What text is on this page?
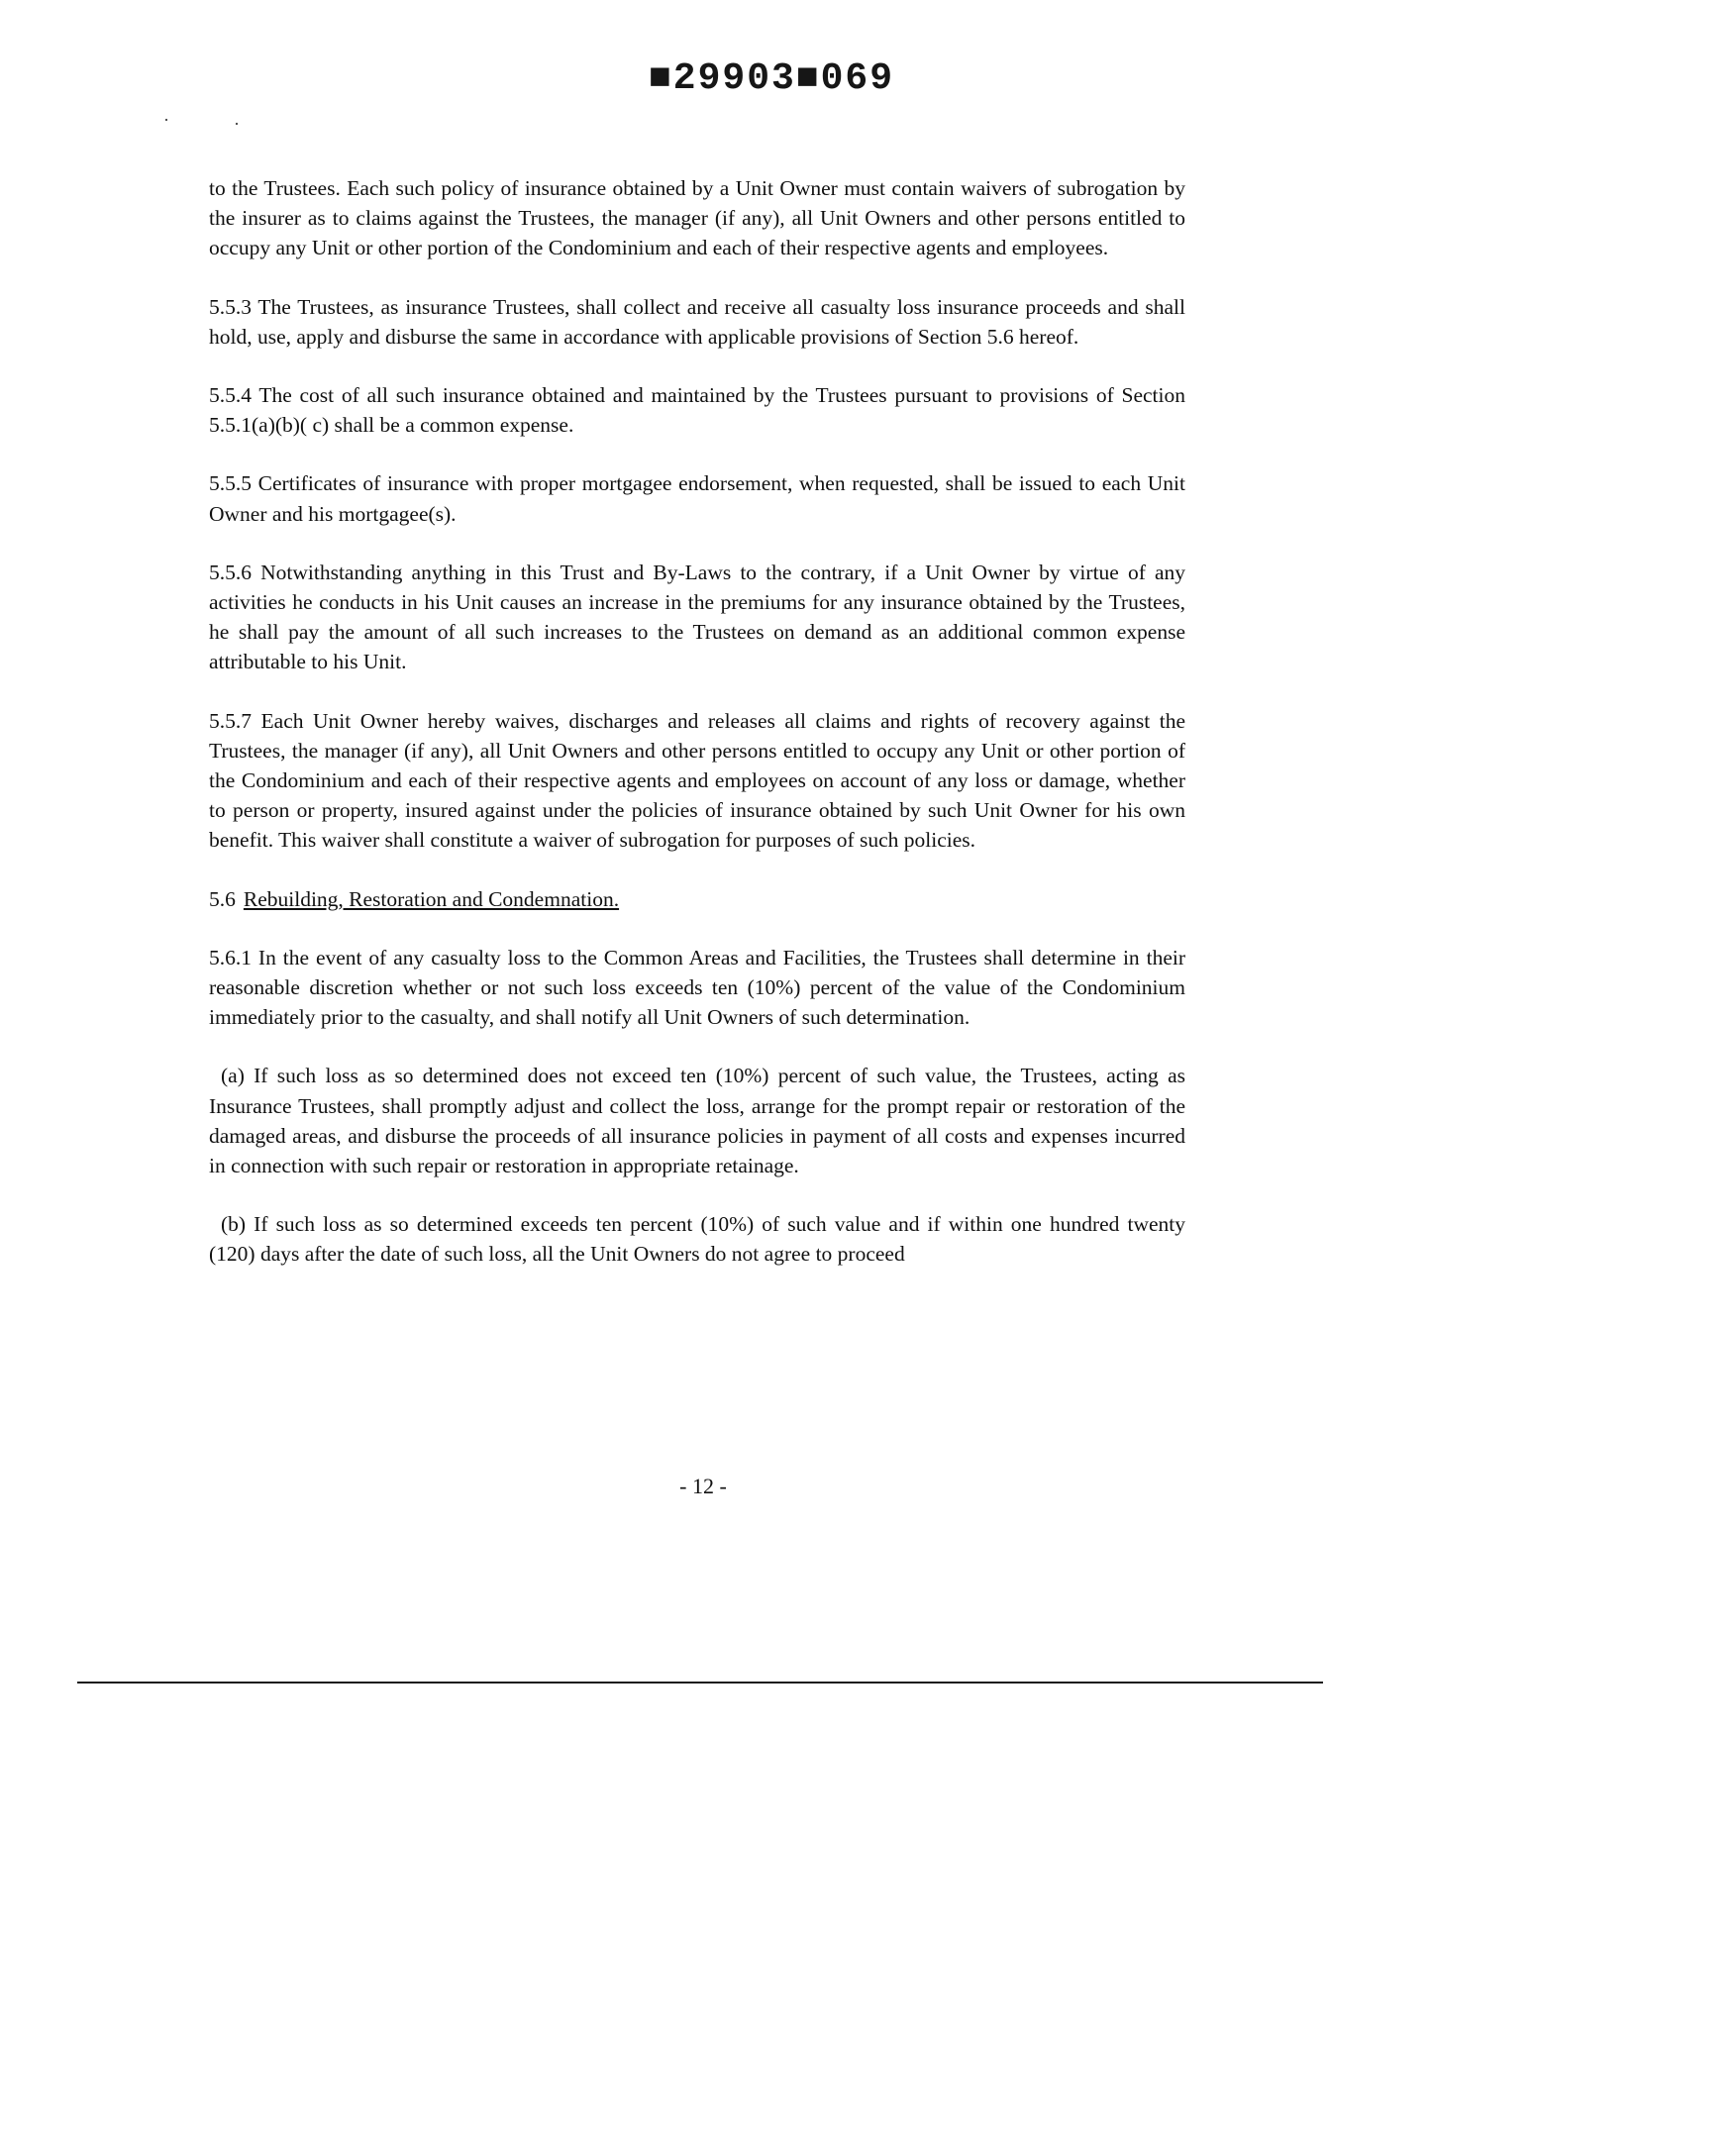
■29903■069
·	·

to the Trustees. Each such policy of insurance obtained by a Unit Owner must contain waivers of subrogation by the insurer as to claims against the Trustees, the manager (if any), all Unit Owners and other persons entitled to occupy any Unit or other portion of the Condominium and each of their respective agents and employees.

5.5.3 The Trustees, as insurance Trustees, shall collect and receive all casualty loss insurance proceeds and shall hold, use, apply and disburse the same in accordance with applicable provisions of Section 5.6 hereof.

5.5.4 The cost of all such insurance obtained and maintained by the Trustees pursuant to provisions of Section 5.5.1(a)(b)( c) shall be a common expense.

5.5.5 Certificates of insurance with proper mortgagee endorsement, when requested, shall be issued to each Unit Owner and his mortgagee(s).

5.5.6 Notwithstanding anything in this Trust and By-Laws to the contrary, if a Unit Owner by virtue of any activities he conducts in his Unit causes an increase in the premiums for any insurance obtained by the Trustees, he shall pay the amount of all such increases to the Trustees on demand as an additional common expense attributable to his Unit.

5.5.7 Each Unit Owner hereby waives, discharges and releases all claims and rights of recovery against the Trustees, the manager (if any), all Unit Owners and other persons entitled to occupy any Unit or other portion of the Condominium and each of their respective agents and employees on account of any loss or damage, whether to person or property, insured against under the policies of insurance obtained by such Unit Owner for his own benefit. This waiver shall constitute a waiver of subrogation for purposes of such policies.

5.6 Rebuilding, Restoration and Condemnation.

5.6.1 In the event of any casualty loss to the Common Areas and Facilities, the Trustees shall determine in their reasonable discretion whether or not such loss exceeds ten (10%) percent of the value of the Condominium immediately prior to the casualty, and shall notify all Unit Owners of such determination.

(a) If such loss as so determined does not exceed ten (10%) percent of such value, the Trustees, acting as Insurance Trustees, shall promptly adjust and collect the loss, arrange for the prompt repair or restoration of the damaged areas, and disburse the proceeds of all insurance policies in payment of all costs and expenses incurred in connection with such repair or restoration in appropriate retainage.

(b) If such loss as so determined exceeds ten percent (10%) of such value and if within one hundred twenty (120) days after the date of such loss, all the Unit Owners do not agree to proceed

- 12 -
